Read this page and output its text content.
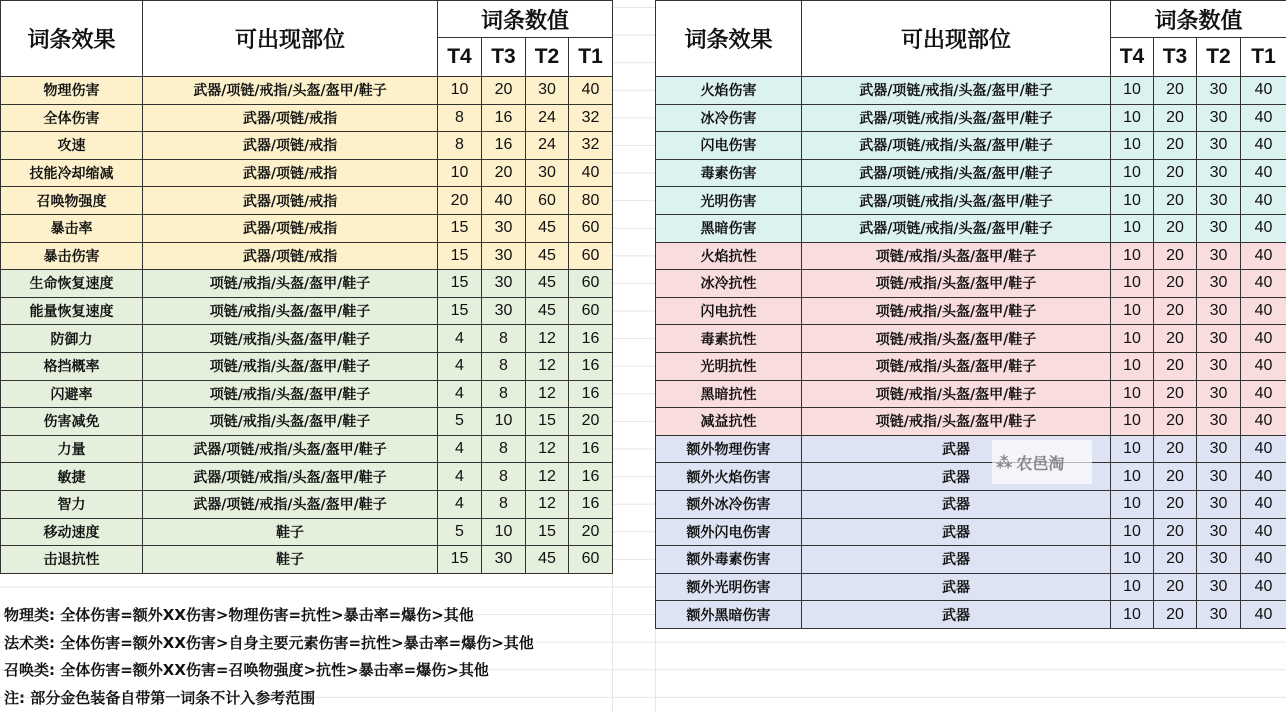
词条效果	可出现部位	词条数值			
		T4	T3	T2	T1
物理伤害	武器/项链/戒指/头盔/盔甲/鞋子	10	20	30	40
全体伤害	武器/项链/戒指	8	16	24	32
攻速	武器/项链/戒指	8	16	24	32
技能冷却缩减	武器/项链/戒指	10	20	30	40
召唤物强度	武器/项链/戒指	20	40	60	80
暴击率	武器/项链/戒指	15	30	45	60
暴击伤害	武器/项链/戒指	15	30	45	60
生命恢复速度	项链/戒指/头盔/盔甲/鞋子	15	30	45	60
能量恢复速度	项链/戒指/头盔/盔甲/鞋子	15	30	45	60
防御力	项链/戒指/头盔/盔甲/鞋子	4	8	12	16
格挡概率	项链/戒指/头盔/盔甲/鞋子	4	8	12	16
闪避率	项链/戒指/头盔/盔甲/鞋子	4	8	12	16
伤害减免	项链/戒指/头盔/盔甲/鞋子	5	10	15	20
力量	武器/项链/戒指/头盔/盔甲/鞋子	4	8	12	16
敏捷	武器/项链/戒指/头盔/盔甲/鞋子	4	8	12	16
智力	武器/项链/戒指/头盔/盔甲/鞋子	4	8	12	16
移动速度	鞋子	5	10	15	20
击退抗性	鞋子	15	30	45	60
词条效果	可出现部位	词条数值			
		T4	T3	T2	T1
火焰伤害	武器/项链/戒指/头盔/盔甲/鞋子	10	20	30	40
冰冷伤害	武器/项链/戒指/头盔/盔甲/鞋子	10	20	30	40
闪电伤害	武器/项链/戒指/头盔/盔甲/鞋子	10	20	30	40
毒素伤害	武器/项链/戒指/头盔/盔甲/鞋子	10	20	30	40
光明伤害	武器/项链/戒指/头盔/盔甲/鞋子	10	20	30	40
黑暗伤害	武器/项链/戒指/头盔/盔甲/鞋子	10	20	30	40
火焰抗性	项链/戒指/头盔/盔甲/鞋子	10	20	30	40
冰冷抗性	项链/戒指/头盔/盔甲/鞋子	10	20	30	40
闪电抗性	项链/戒指/头盔/盔甲/鞋子	10	20	30	40
毒素抗性	项链/戒指/头盔/盔甲/鞋子	10	20	30	40
光明抗性	项链/戒指/头盔/盔甲/鞋子	10	20	30	40
黑暗抗性	项链/戒指/头盔/盔甲/鞋子	10	20	30	40
减益抗性	项链/戒指/头盔/盔甲/鞋子	10	20	30	40
额外物理伤害	武器	10	20	30	40
额外火焰伤害	武器	10	20	30	40
额外冰冷伤害	武器	10	20	30	40
额外闪电伤害	武器	10	20	30	40
额外毒素伤害	武器	10	20	30	40
额外光明伤害	武器	10	20	30	40
额外黑暗伤害	武器	10	20	30	40
物理类: 全体伤害=额外XX伤害>物理伤害=抗性>暴击率=爆伤>其他
法术类: 全体伤害=额外XX伤害>自身主要元素伤害=抗性>暴击率=爆伤>其他
召唤类: 全体伤害=额外XX伤害=召唤物强度>抗性>暴击率=爆伤>其他
注: 部分金色装备自带第一词条不计入参考范围
⁂ 农邑淘
